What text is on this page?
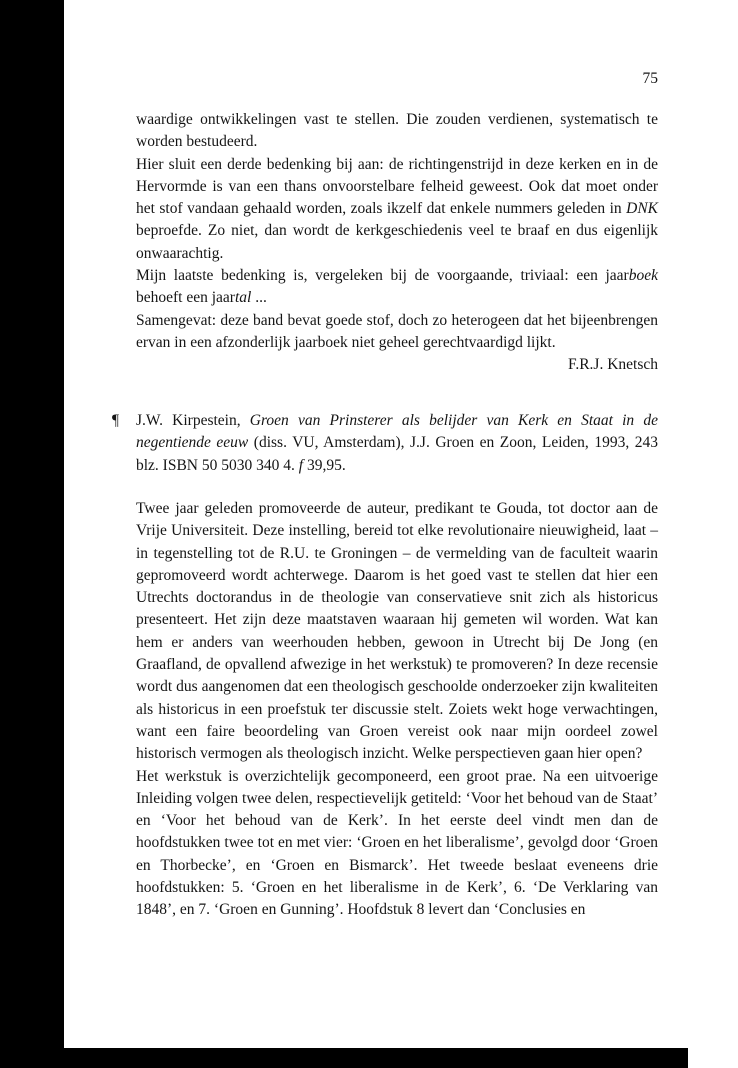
75

waardige ontwikkelingen vast te stellen. Die zouden verdienen, systematisch te worden bestudeerd.

Hier sluit een derde bedenking bij aan: de richtingenstrijd in deze kerken en in de Hervormde is van een thans onvoorstelbare felheid geweest. Ook dat moet onder het stof vandaan gehaald worden, zoals ikzelf dat enkele nummers geleden in DNK beproefde. Zo niet, dan wordt de kerkgeschiedenis veel te braaf en dus eigenlijk onwaarachtig.

Mijn laatste bedenking is, vergeleken bij de voorgaande, triviaal: een jaarboek behoeft een jaartal ...

Samengevat: deze band bevat goede stof, doch zo heterogeen dat het bijeenbrengen ervan in een afzonderlijk jaarboek niet geheel gerechtvaardigd lijkt.

F.R.J. Knetsch

¶ J.W. Kirpestein, Groen van Prinsterer als belijder van Kerk en Staat in de negentiende eeuw (diss. VU, Amsterdam), J.J. Groen en Zoon, Leiden, 1993, 243 blz. ISBN 50 5030 340 4. f 39,95.

Twee jaar geleden promoveerde de auteur, predikant te Gouda, tot doctor aan de Vrije Universiteit. Deze instelling, bereid tot elke revolutionaire nieuwigheid, laat – in tegenstelling tot de R.U. te Groningen – de vermelding van de faculteit waarin gepromoveerd wordt achterwege. Daarom is het goed vast te stellen dat hier een Utrechts doctorandus in de theologie van conservatieve snit zich als historicus presenteert. Het zijn deze maatstaven waaraan hij gemeten wil worden. Wat kan hem er anders van weerhouden hebben, gewoon in Utrecht bij De Jong (en Graafland, de opvallend afwezige in het werkstuk) te promoveren? In deze recensie wordt dus aangenomen dat een theologisch geschoolde onderzoeker zijn kwaliteiten als historicus in een proefstuk ter discussie stelt. Zoiets wekt hoge verwachtingen, want een faire beoordeling van Groen vereist ook naar mijn oordeel zowel historisch vermogen als theologisch inzicht. Welke perspectieven gaan hier open?

Het werkstuk is overzichtelijk gecomponeerd, een groot prae. Na een uitvoerige Inleiding volgen twee delen, respectievelijk getiteld: ‘Voor het behoud van de Staat’ en ‘Voor het behoud van de Kerk’. In het eerste deel vindt men dan de hoofdstukken twee tot en met vier: ‘Groen en het liberalisme’, gevolgd door ‘Groen en Thorbecke’, en ‘Groen en Bismarck’. Het tweede beslaat eveneens drie hoofdstukken: 5. ‘Groen en het liberalisme in de Kerk’, 6. ‘De Verklaring van 1848’, en 7. ‘Groen en Gunning’. Hoofdstuk 8 levert dan ‘Conclusies en
